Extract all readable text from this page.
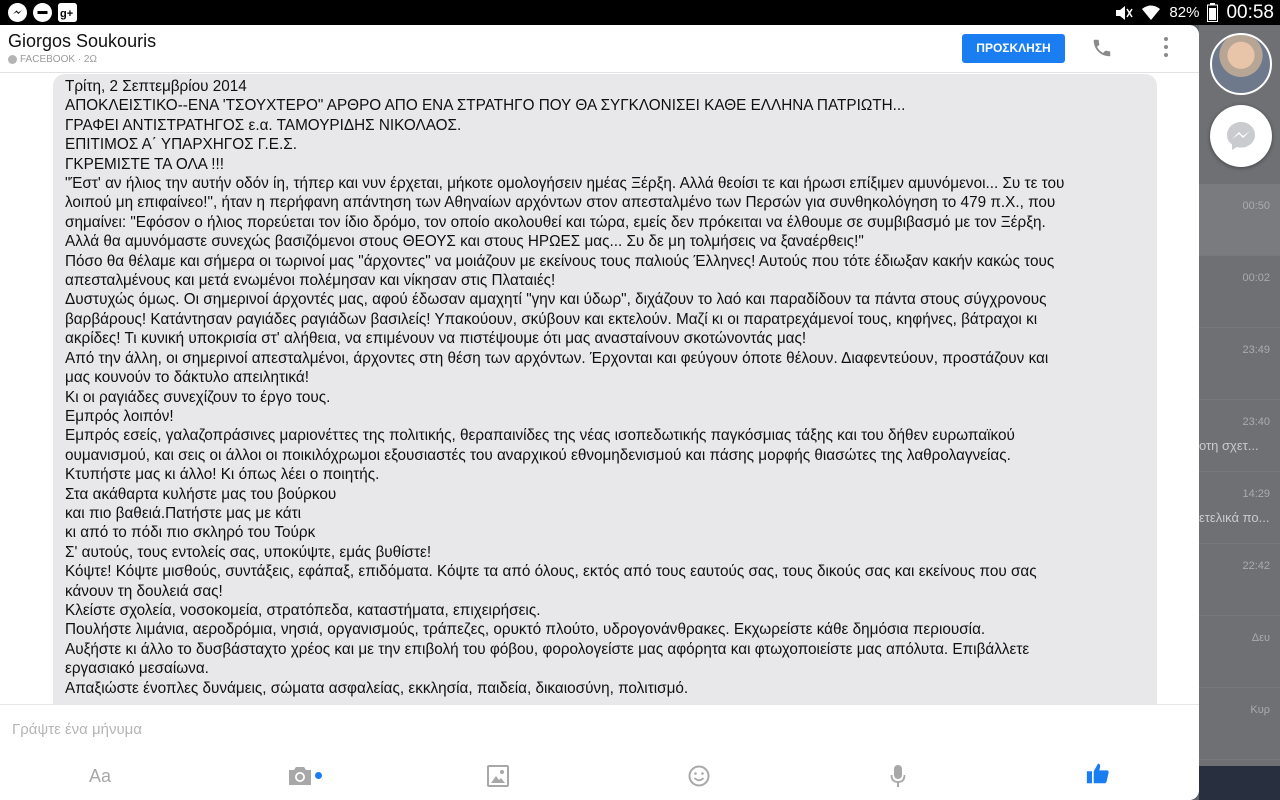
g+	82% 00:58
00:50
00:02
23:49
23:40
οτη σχετ...
14:29
ετελικά πο...
22:42
Δευ
Κυρ
Giorgos Soukouris
FACEBOOK · 2Ω
ΠΡΟΣΚΛΗΣΗ
Τρίτη, 2 Σεπτεμβρίου 2014
ΑΠΟΚΛΕΙΣΤΙΚΟ--ΕΝΑ 'ΤΣΟΥΧΤΕΡΟ" ΑΡΘΡΟ ΑΠΟ ΕΝΑ ΣΤΡΑΤΗΓΟ ΠΟΥ ΘΑ ΣΥΓΚΛΟΝΙΣΕΙ ΚΑΘΕ ΕΛΛΗΝΑ ΠΑΤΡΙΩΤΗ...
ΓΡΑΦΕΙ ΑΝΤΙΣΤΡΑΤΗΓΟΣ ε.α. ΤΑΜΟΥΡΙΔΗΣ ΝΙΚΟΛΑΟΣ.
ΕΠΙΤΙΜΟΣ Α΄ ΥΠΑΡΧΗΓΟΣ Γ.Ε.Σ.
ΓΚΡΕΜΙΣΤΕ ΤΑ ΟΛΑ !!!
"Έστ' αν ήλιος την αυτήν οδόν ίη, τήπερ και νυν έρχεται, μήκοτε ομολογήσειν ημέας Ξέρξη. Αλλά θεοίσι τε και ήρωσι επίξιμεν αμυνόμενοι... Συ τε του
λοιπού μη επιφαίνεο!", ήταν η περήφανη απάντηση των Αθηναίων αρχόντων στον απεσταλμένο των Περσών για συνθηκολόγηση το 479 π.Χ., που
σημαίνει: "Εφόσον ο ήλιος πορεύεται τον ίδιο δρόμο, τον οποίο ακολουθεί και τώρα, εμείς δεν πρόκειται να έλθουμε σε συμβιβασμό με τον Ξέρξη.
Αλλά θα αμυνόμαστε συνεχώς βασιζόμενοι στους ΘΕΟΥΣ και στους ΗΡΩΕΣ μας... Συ δε μη τολμήσεις να ξαναέρθεις!"
Πόσο θα θέλαμε και σήμερα οι τωρινοί μας "άρχοντες" να μοιάζουν με εκείνους τους παλιούς Έλληνες! Αυτούς που τότε έδιωξαν κακήν κακώς τους
απεσταλμένους και μετά ενωμένοι πολέμησαν και νίκησαν στις Πλαταιές!
Δυστυχώς όμως. Οι σημερινοί άρχοντές μας, αφού έδωσαν αμαχητί "γην και ύδωρ", διχάζουν το λαό και παραδίδουν τα πάντα στους σύγχρονους
βαρβάρους! Κατάντησαν ραγιάδες ραγιάδων βασιλείς! Υπακούουν, σκύβουν και εκτελούν. Μαζί κι οι παρατρεχάμενοί τους, κηφήνες, βάτραχοι κι
ακρίδες! Τι κυνική υποκρισία στ' αλήθεια, να επιμένουν να πιστέψουμε ότι μας ανασταίνουν σκοτώνοντάς μας!
Από την άλλη, οι σημερινοί απεσταλμένοι, άρχοντες στη θέση των αρχόντων. Έρχονται και φεύγουν όποτε θέλουν. Διαφεντεύουν, προστάζουν και
μας κουνούν το δάκτυλο απειλητικά!
Κι οι ραγιάδες συνεχίζουν το έργο τους.
Εμπρός λοιπόν!
Εμπρός εσείς, γαλαζοπράσινες μαριονέττες της πολιτικής, θεραπαινίδες της νέας ισοπεδωτικής παγκόσμιας τάξης και του δήθεν ευρωπαϊκού
ουμανισμού, και σεις οι άλλοι οι ποικιλόχρωμοι εξουσιαστές του αναρχικού εθνομηδενισμού και πάσης μορφής θιασώτες της λαθρολαγνείας.
Κτυπήστε μας κι άλλο! Κι όπως λέει ο ποιητής.
Στα ακάθαρτα κυλήστε μας του βούρκου
και πιο βαθειά.Πατήστε μας με κάτι
κι από το πόδι πιο σκληρό του Τούρκ
Σ' αυτούς, τους εντολείς σας, υποκύψτε, εμάς βυθίστε!
Κόψτε! Κόψτε μισθούς, συντάξεις, εφάπαξ, επιδόματα. Κόψτε τα από όλους, εκτός από τους εαυτούς σας, τους δικούς σας και εκείνους που σας
κάνουν τη δουλειά σας!
Κλείστε σχολεία, νοσοκομεία, στρατόπεδα, καταστήματα, επιχειρήσεις.
Πουλήστε λιμάνια, αεροδρόμια, νησιά, οργανισμούς, τράπεζες, ορυκτό πλούτο, υδρογονάνθρακες. Εκχωρείστε κάθε δημόσια περιουσία.
Αυξήστε κι άλλο το δυσβάσταχτο χρέος και με την επιβολή του φόβου, φορολογείστε μας αφόρητα και φτωχοποιείστε μας απόλυτα. Επιβάλλετε
εργασιακό μεσαίωνα.
Απαξιώστε ένοπλες δυνάμεις, σώματα ασφαλείας, εκκλησία, παιδεία, δικαιοσύνη, πολιτισμό.
Γράψτε ένα μήνυμα
Aa
